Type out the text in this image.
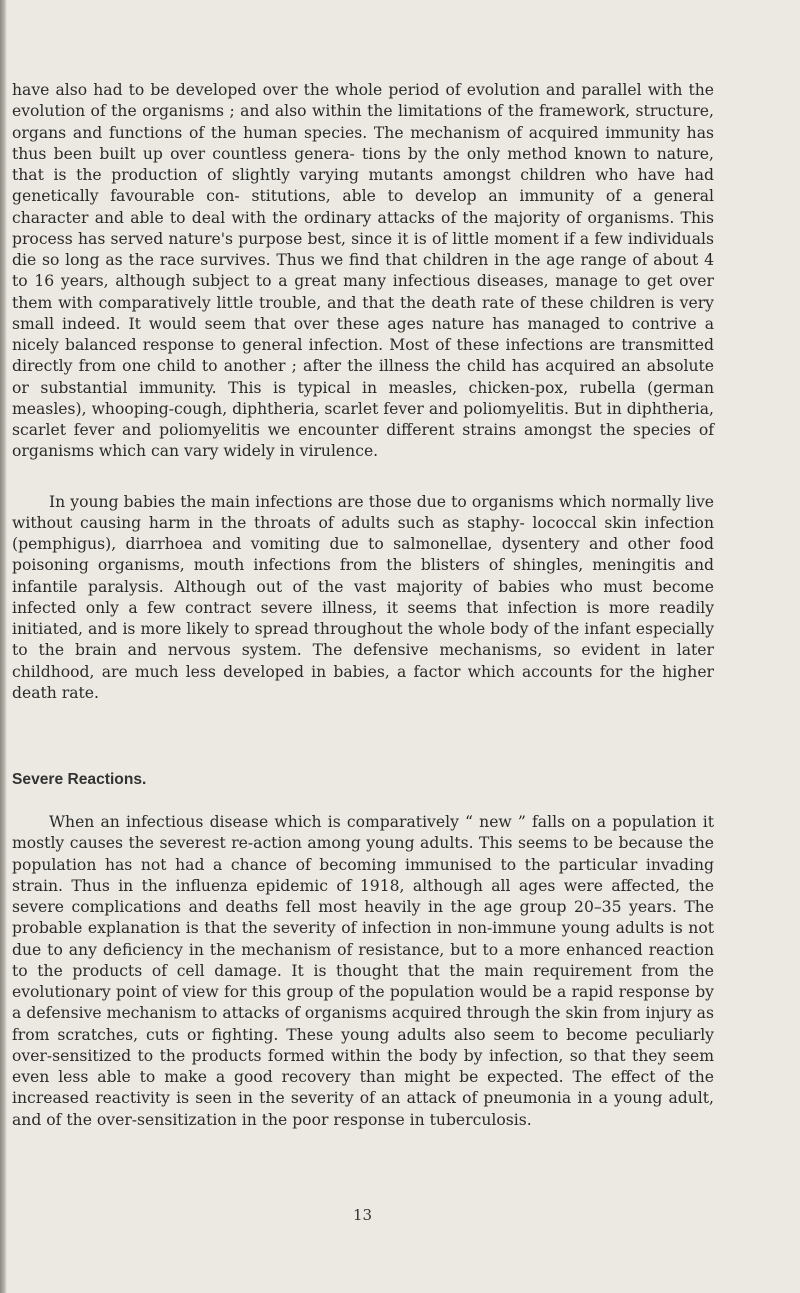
have also had to be developed over the whole period of evolution and parallel with the evolution of the organisms ; and also within the limitations of the framework, structure, organs and functions of the human species. The mechanism of acquired immunity has thus been built up over countless genera- tions by the only method known to nature, that is the production of slightly varying mutants amongst children who have had genetically favourable con- stitutions, able to develop an immunity of a general character and able to deal with the ordinary attacks of the majority of organisms. This process has served nature's purpose best, since it is of little moment if a few individuals die so long as the race survives. Thus we find that children in the age range of about 4 to 16 years, although subject to a great many infectious diseases, manage to get over them with comparatively little trouble, and that the death rate of these children is very small indeed. It would seem that over these ages nature has managed to contrive a nicely balanced response to general infection. Most of these infections are transmitted directly from one child to another ; after the illness the child has acquired an absolute or substantial immunity. This is typical in measles, chicken-pox, rubella (german measles), whooping-cough, diphtheria, scarlet fever and poliomyelitis. But in diphtheria, scarlet fever and poliomyelitis we encounter different strains amongst the species of organisms which can vary widely in virulence.

In young babies the main infections are those due to organisms which normally live without causing harm in the throats of adults such as staphy- lococcal skin infection (pemphigus), diarrhoea and vomiting due to salmonellae, dysentery and other food poisoning organisms, mouth infections from the blisters of shingles, meningitis and infantile paralysis. Although out of the vast majority of babies who must become infected only a few contract severe illness, it seems that infection is more readily initiated, and is more likely to spread throughout the whole body of the infant especially to the brain and nervous system. The defensive mechanisms, so evident in later childhood, are much less developed in babies, a factor which accounts for the higher death rate.

Severe Reactions.

When an infectious disease which is comparatively “ new ” falls on a population it mostly causes the severest re-action among young adults. This seems to be because the population has not had a chance of becoming immunised to the particular invading strain. Thus in the influenza epidemic of 1918, although all ages were affected, the severe complications and deaths fell most heavily in the age group 20–35 years. The probable explanation is that the severity of infection in non-immune young adults is not due to any deficiency in the mechanism of resistance, but to a more enhanced reaction to the products of cell damage. It is thought that the main requirement from the evolutionary point of view for this group of the population would be a rapid response by a defensive mechanism to attacks of organisms acquired through the skin from injury as from scratches, cuts or fighting. These young adults also seem to become peculiarly over-sensitized to the products formed within the body by infection, so that they seem even less able to make a good recovery than might be expected. The effect of the increased reactivity is seen in the severity of an attack of pneumonia in a young adult, and of the over-sensitization in the poor response in tuberculosis.

13
